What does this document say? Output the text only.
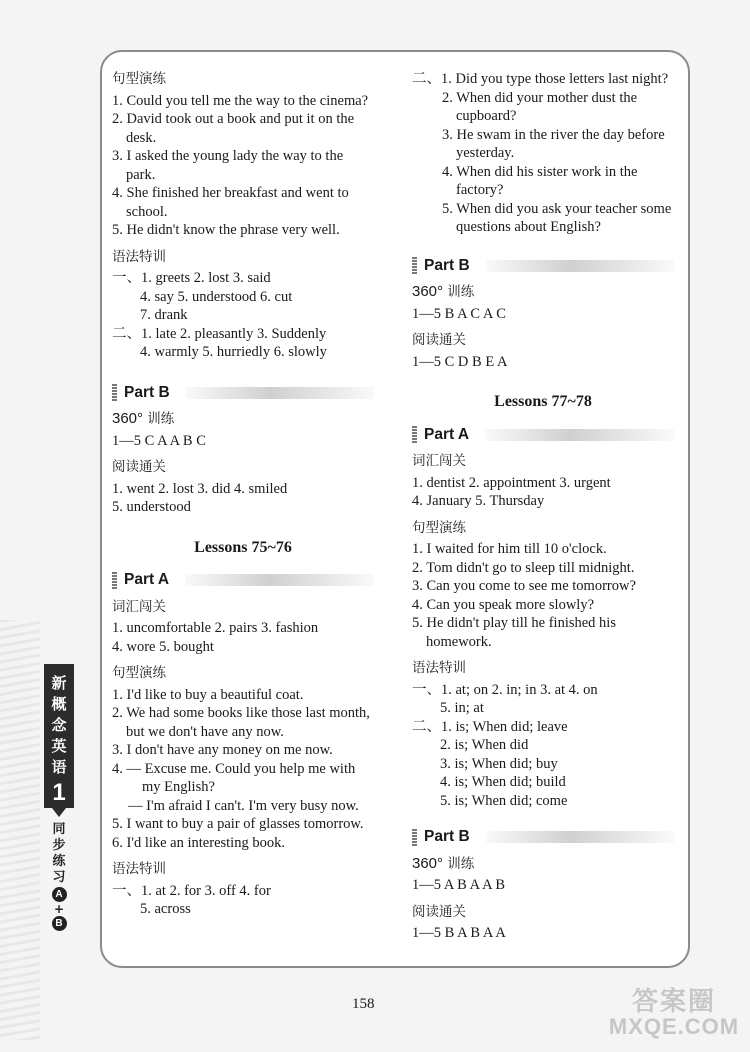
句型演练

1. Could you tell me the way to the cinema?

2. David took out a book and put it on the desk.

3. I asked the young lady the way to the park.

4. She finished her breakfast and went to school.

5. He didn't know the phrase very well.

语法特训

一、1. greets 2. lost 3. said

4. say 5. understood 6. cut

7. drank

二、1. late 2. pleasantly 3. Suddenly

4. warmly 5. hurriedly 6. slowly

Part B
360° 训练

1—5 C A A B C

阅读通关

1. went 2. lost 3. did 4. smiled

5. understood

Lessons 75~76
Part A
词汇闯关

1. uncomfortable 2. pairs 3. fashion

4. wore 5. bought

句型演练

1. I'd like to buy a beautiful coat.

2. We had some books like those last month, but we don't have any now.

3. I don't have any money on me now.

4. — Excuse me. Could you help me with my English?

— I'm afraid I can't. I'm very busy now.

5. I want to buy a pair of glasses tomorrow.

6. I'd like an interesting book.

语法特训

一、1. at 2. for 3. off 4. for

5. across

二、1. Did you type those letters last night?

2. When did your mother dust the cupboard?

3. He swam in the river the day before yesterday.

4. When did his sister work in the factory?

5. When did you ask your teacher some questions about English?

Part B
360° 训练

1—5 B A C A C

阅读通关

1—5 C D B E A

Lessons 77~78
Part A
词汇闯关

1. dentist 2. appointment 3. urgent

4. January 5. Thursday

句型演练

1. I waited for him till 10 o'clock.

2. Tom didn't go to sleep till midnight.

3. Can you come to see me tomorrow?

4. Can you speak more slowly?

5. He didn't play till he finished his homework.

语法特训

一、1. at; on 2. in; in 3. at 4. on

5. in; at

二、1. is; When did; leave

2. is; When did

3. is; When did; buy

4. is; When did; build

5. is; When did; come

Part B
360° 训练

1—5 A B A A B

阅读通关

1—5 B A B A A

新
概
念
英
语
1
同
步
练
习
A
+
B
158	答案圈
MXQE.COM
